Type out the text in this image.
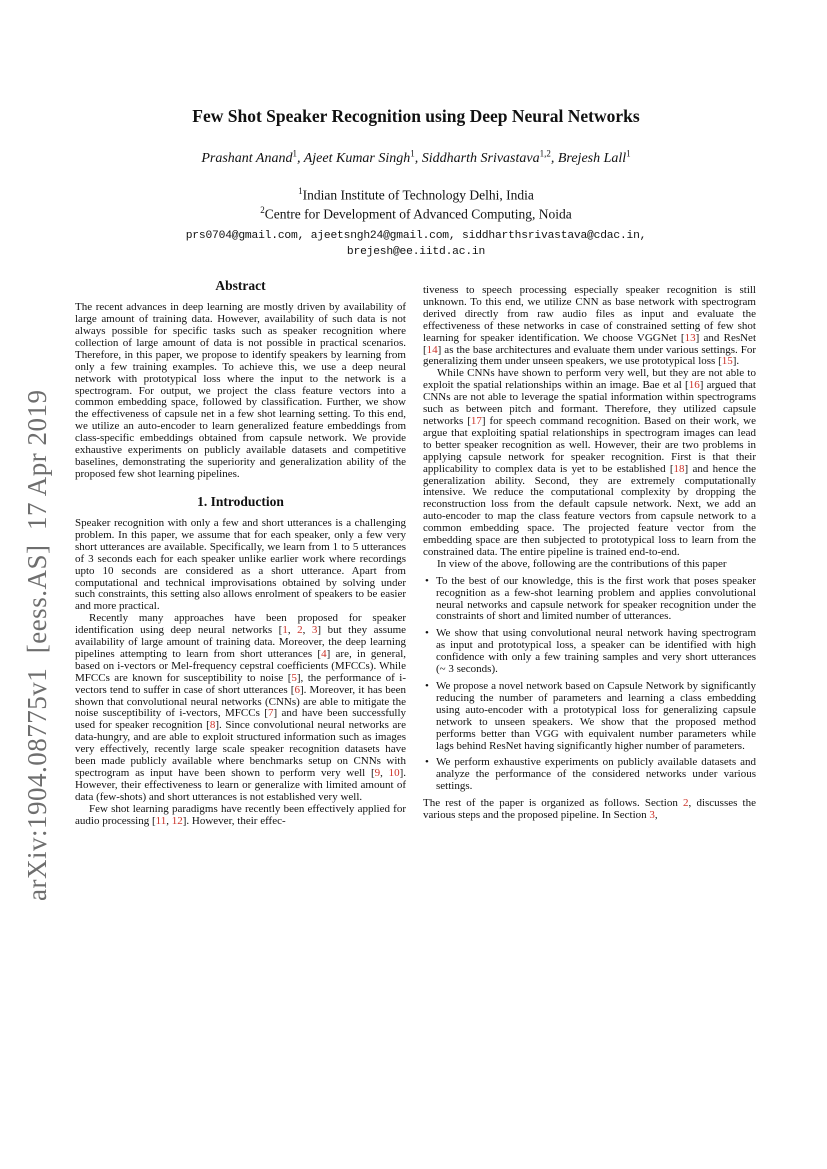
arXiv:1904.08775v1  [eess.AS]  17 Apr 2019
Few Shot Speaker Recognition using Deep Neural Networks
Prashant Anand$^1$, Ajeet Kumar Singh$^1$, Siddharth Srivastava$^{1,2}$, Brejesh Lall$^1$
$^1$Indian Institute of Technology Delhi, India
$^2$Centre for Development of Advanced Computing, Noida
prs0704@gmail.com, ajeetsngh24@gmail.com, siddharthsrivastava@cdac.in,
brejesh@ee.iitd.ac.in
Abstract

The recent advances in deep learning are mostly driven by availability of large amount of training data. However, availability of such data is not always possible for specific tasks such as speaker recognition where collection of large amount of data is not possible in practical scenarios. Therefore, in this paper, we propose to identify speakers by learning from only a few training examples. To achieve this, we use a deep neural network with prototypical loss where the input to the network is a spectrogram. For output, we project the class feature vectors into a common embedding space, followed by classification. Further, we show the effectiveness of capsule net in a few shot learning setting. To this end, we utilize an auto-encoder to learn generalized feature embeddings from class-specific embeddings obtained from capsule network. We provide exhaustive experiments on publicly available datasets and competitive baselines, demonstrating the superiority and generalization ability of the proposed few shot learning pipelines.

1. Introduction

Speaker recognition with only a few and short utterances is a challenging problem. In this paper, we assume that for each speaker, only a few very short utterances are available. Specifically, we learn from 1 to 5 utterances of 3 seconds each for each speaker unlike earlier work where recordings upto 10 seconds are considered as a short utterance. Apart from computational and technical improvisations obtained by solving under such constraints, this setting also allows enrolment of speakers to be easier and more practical.

Recently many approaches have been proposed for speaker identification using deep neural networks [1, 2, 3] but they assume availability of large amount of training data. Moreover, the deep learning pipelines attempting to learn from short utterances [4] are, in general, based on i-vectors or Mel-frequency cepstral coefficients (MFCCs). While MFCCs are known for susceptibility to noise [5], the performance of i-vectors tend to suffer in case of short utterances [6]. Moreover, it has been shown that convolutional neural networks (CNNs) are able to mitigate the noise susceptibility of i-vectors, MFCCs [7] and have been successfully used for speaker recognition [8]. Since convolutional neural networks are data-hungry, and are able to exploit structured information such as images very effectively, recently large scale speaker recognition datasets have been made publicly available where benchmarks setup on CNNs with spectrogram as input have been shown to perform very well [9, 10]. However, their effectiveness to learn or generalize with limited amount of data (few-shots) and short utterances is not established very well.

Few shot learning paradigms have recently been effectively applied for audio processing [11, 12]. However, their effec-

tiveness to speech processing especially speaker recognition is still unknown. To this end, we utilize CNN as base network with spectrogram derived directly from raw audio files as input and evaluate the effectiveness of these networks in case of constrained setting of few shot learning for speaker identification. We choose VGGNet [13] and ResNet [14] as the base architectures and evaluate them under various settings. For generalizing them under unseen speakers, we use prototypical loss [15].

While CNNs have shown to perform very well, but they are not able to exploit the spatial relationships within an image. Bae et al [16] argued that CNNs are not able to leverage the spatial information within spectrograms such as between pitch and formant. Therefore, they utilized capsule networks [17] for speech command recognition. Based on their work, we argue that exploiting spatial relationships in spectrogram images can lead to better speaker recognition as well. However, their are two problems in applying capsule network for speaker recognition. First is that their applicability to complex data is yet to be established [18] and hence the generalization ability. Second, they are extremely computationally intensive. We reduce the computational complexity by dropping the reconstruction loss from the default capsule network. Next, we add an auto-encoder to map the class feature vectors from capsule network to a common embedding space. The projected feature vector from the embedding space are then subjected to prototypical loss to learn from the constrained data. The entire pipeline is trained end-to-end.

In view of the above, following are the contributions of this paper

• To the best of our knowledge, this is the first work that poses speaker recognition as a few-shot learning problem and applies convolutional neural networks and capsule network for speaker recognition under the constraints of short and limited number of utterances.
• We show that using convolutional neural network having spectrogram as input and prototypical loss, a speaker can be identified with high confidence with only a few training samples and very short utterances (~ 3 seconds).
• We propose a novel network based on Capsule Network by significantly reducing the number of parameters and learning a class embedding using auto-encoder with a prototypical loss for generalizing capsule network to unseen speakers. We show that the proposed method performs better than VGG with equivalent number parameters while lags behind ResNet having significantly higher number of parameters.
• We perform exhaustive experiments on publicly available datasets and analyze the performance of the considered networks under various settings.

The rest of the paper is organized as follows. Section 2, discusses the various steps and the proposed pipeline. In Section 3,
